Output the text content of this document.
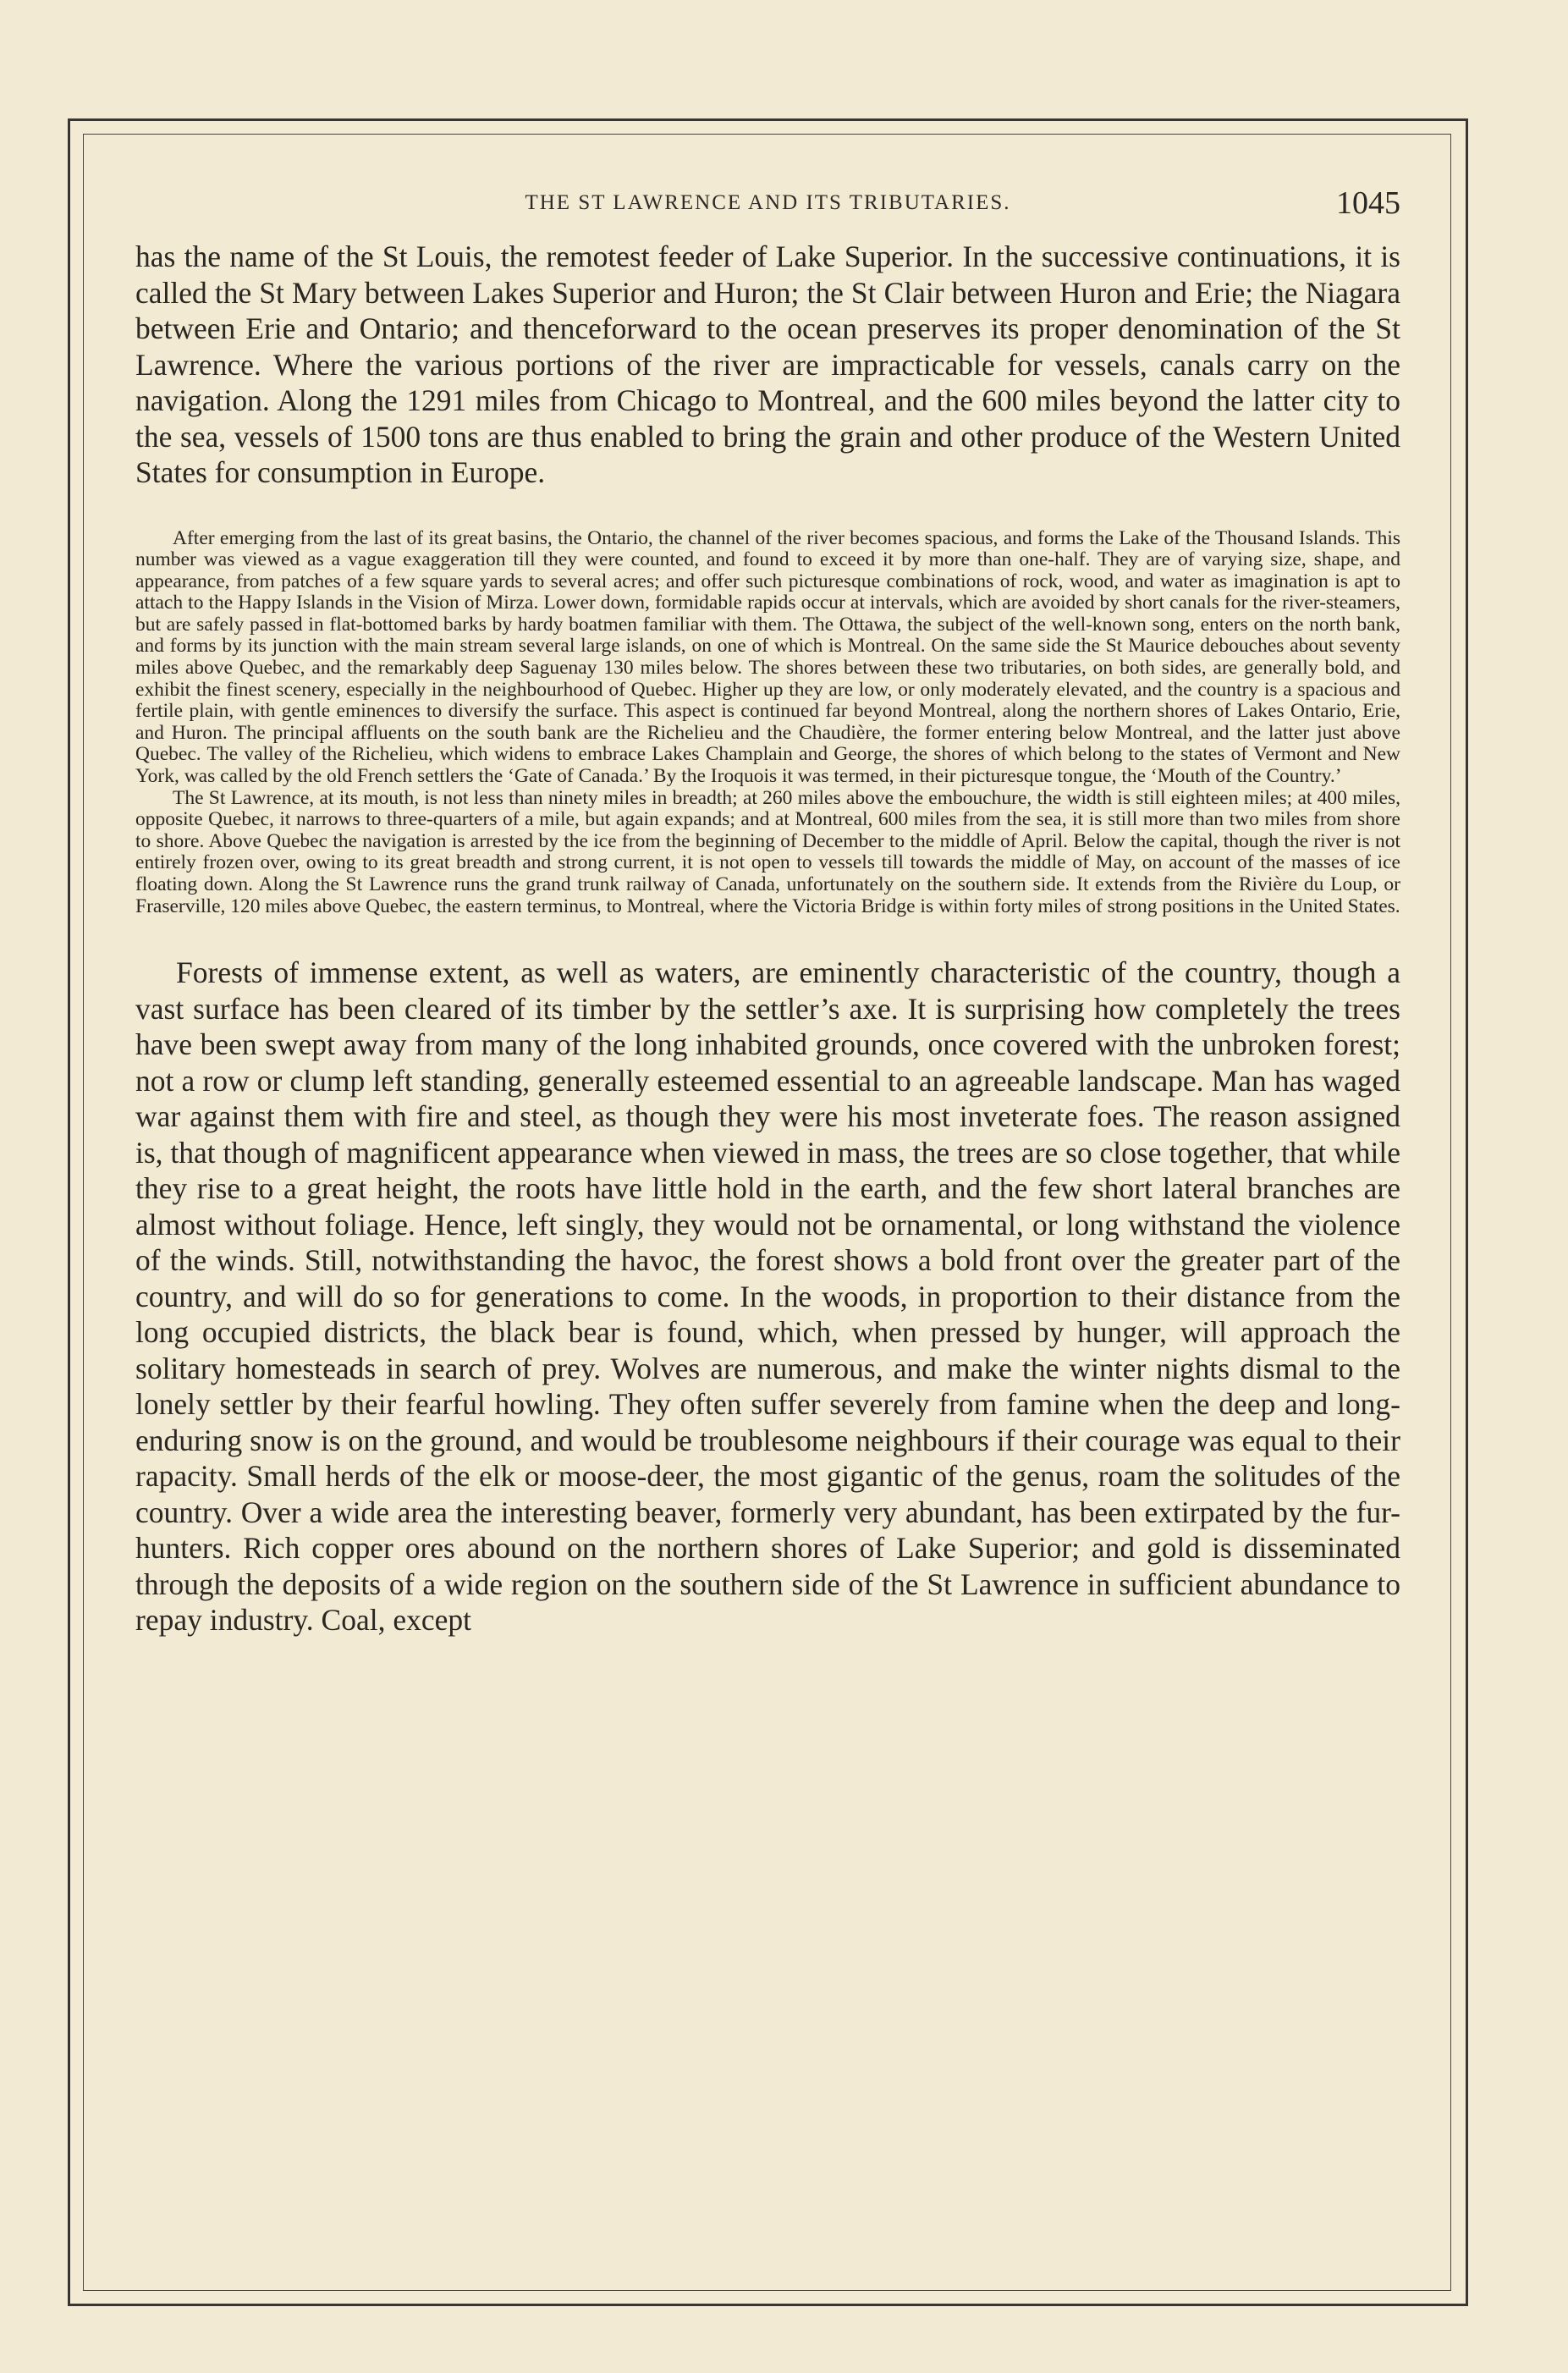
THE ST LAWRENCE AND ITS TRIBUTARIES.	1045

has the name of the St Louis, the remotest feeder of Lake Superior. In the successive continuations, it is called the St Mary between Lakes Superior and Huron; the St Clair between Huron and Erie; the Niagara between Erie and Ontario; and thenceforward to the ocean preserves its proper denomination of the St Lawrence. Where the various portions of the river are impracticable for vessels, canals carry on the navigation. Along the 1291 miles from Chicago to Montreal, and the 600 miles beyond the latter city to the sea, vessels of 1500 tons are thus enabled to bring the grain and other produce of the Western United States for consumption in Europe.

After emerging from the last of its great basins, the Ontario, the channel of the river becomes spacious, and forms the Lake of the Thousand Islands. This number was viewed as a vague exaggeration till they were counted, and found to exceed it by more than one-half. They are of varying size, shape, and appearance, from patches of a few square yards to several acres; and offer such picturesque combinations of rock, wood, and water as imagination is apt to attach to the Happy Islands in the Vision of Mirza. Lower down, formidable rapids occur at intervals, which are avoided by short canals for the river-steamers, but are safely passed in flat-bottomed barks by hardy boatmen familiar with them. The Ottawa, the subject of the well-known song, enters on the north bank, and forms by its junction with the main stream several large islands, on one of which is Montreal. On the same side the St Maurice debouches about seventy miles above Quebec, and the remarkably deep Saguenay 130 miles below. The shores between these two tributaries, on both sides, are generally bold, and exhibit the finest scenery, especially in the neighbourhood of Quebec. Higher up they are low, or only moderately elevated, and the country is a spacious and fertile plain, with gentle eminences to diversify the surface. This aspect is continued far beyond Montreal, along the northern shores of Lakes Ontario, Erie, and Huron. The principal affluents on the south bank are the Richelieu and the Chaudière, the former entering below Montreal, and the latter just above Quebec. The valley of the Richelieu, which widens to embrace Lakes Champlain and George, the shores of which belong to the states of Vermont and New York, was called by the old French settlers the ‘Gate of Canada.’ By the Iroquois it was termed, in their picturesque tongue, the ‘Mouth of the Country.’

The St Lawrence, at its mouth, is not less than ninety miles in breadth; at 260 miles above the embouchure, the width is still eighteen miles; at 400 miles, opposite Quebec, it narrows to three-quarters of a mile, but again expands; and at Montreal, 600 miles from the sea, it is still more than two miles from shore to shore. Above Quebec the navigation is arrested by the ice from the beginning of December to the middle of April. Below the capital, though the river is not entirely frozen over, owing to its great breadth and strong current, it is not open to vessels till towards the middle of May, on account of the masses of ice floating down. Along the St Lawrence runs the grand trunk railway of Canada, unfortunately on the southern side. It extends from the Rivière du Loup, or Fraserville, 120 miles above Quebec, the eastern terminus, to Montreal, where the Victoria Bridge is within forty miles of strong positions in the United States.

Forests of immense extent, as well as waters, are eminently characteristic of the country, though a vast surface has been cleared of its timber by the settler’s axe. It is surprising how completely the trees have been swept away from many of the long inhabited grounds, once covered with the unbroken forest; not a row or clump left standing, generally esteemed essential to an agreeable landscape. Man has waged war against them with fire and steel, as though they were his most inveterate foes. The reason assigned is, that though of magnificent appearance when viewed in mass, the trees are so close together, that while they rise to a great height, the roots have little hold in the earth, and the few short lateral branches are almost without foliage. Hence, left singly, they would not be ornamental, or long withstand the violence of the winds. Still, notwithstanding the havoc, the forest shows a bold front over the greater part of the country, and will do so for generations to come. In the woods, in proportion to their distance from the long occupied districts, the black bear is found, which, when pressed by hunger, will approach the solitary homesteads in search of prey. Wolves are numerous, and make the winter nights dismal to the lonely settler by their fearful howling. They often suffer severely from famine when the deep and long-enduring snow is on the ground, and would be troublesome neighbours if their courage was equal to their rapacity. Small herds of the elk or moose-deer, the most gigantic of the genus, roam the solitudes of the country. Over a wide area the interesting beaver, formerly very abundant, has been extirpated by the fur-hunters. Rich copper ores abound on the northern shores of Lake Superior; and gold is disseminated through the deposits of a wide region on the southern side of the St Lawrence in sufficient abundance to repay industry. Coal, except
